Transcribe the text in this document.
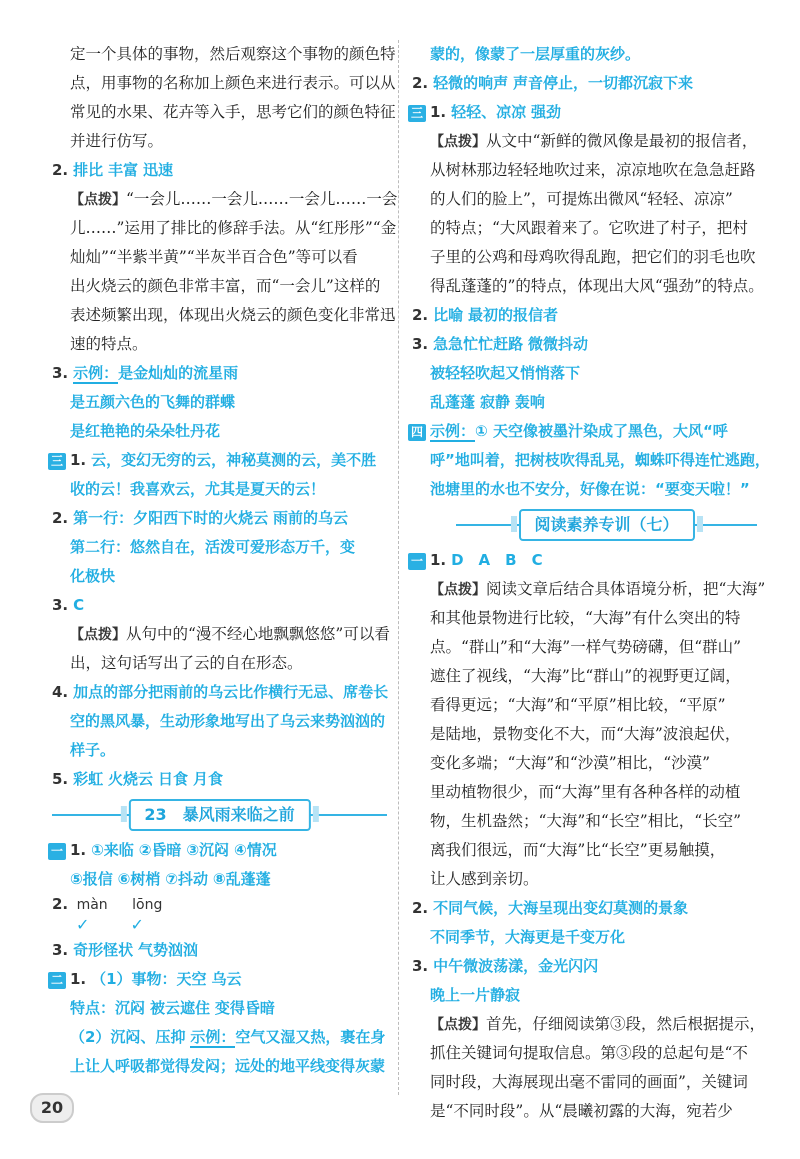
定一个具体的事物，然后观察这个事物的颜色特
点，用事物的名称加上颜色来进行表示。可以从
常见的水果、花卉等入手，思考它们的颜色特征
并进行仿写。
2. 排比 丰富 迅速
【点拨】“一会儿……一会儿……一会儿……一会
儿……”运用了排比的修辞手法。从“红彤彤”“金
灿灿”“半紫半黄”“半灰半百合色”等可以看
出火烧云的颜色非常丰富，而“一会儿”这样的
表述频繁出现，体现出火烧云的颜色变化非常迅
速的特点。
3. 示例：是金灿灿的流星雨
是五颜六色的飞舞的群蝶
是红艳艳的朵朵牡丹花
三 1. 云，变幻无穷的云，神秘莫测的云，美不胜
收的云！我喜欢云，尤其是夏天的云！
2. 第一行：夕阳西下时的火烧云 雨前的乌云
第二行：悠然自在，活泼可爱形态万千，变
化极快
3. C
【点拨】从句中的“漫不经心地飘飘悠悠”可以看
出，这句话写出了云的自在形态。
4. 加点的部分把雨前的乌云比作横行无忌、席卷长
空的黑风暴，生动形象地写出了乌云来势汹汹的
样子。
5. 彩虹 火烧云 日食 月食
23　暴风雨来临之前
一 1. ①来临 ②昏暗 ③沉闷 ④情况
⑤报信 ⑥树梢 ⑦抖动 ⑧乱蓬蓬
2. màn lōng
✓	✓
3. 奇形怪状 气势汹汹
二 1. （1）事物：天空 乌云
特点：沉闷 被云遮住 变得昏暗
（2）沉闷、压抑 示例：空气又湿又热，裹在身
上让人呼吸都觉得发闷；远处的地平线变得灰蒙
蒙的，像蒙了一层厚重的灰纱。
2. 轻微的响声 声音停止，一切都沉寂下来
三 1. 轻轻、凉凉 强劲
【点拨】从文中“新鲜的微风像是最初的报信者，
从树林那边轻轻地吹过来，凉凉地吹在急急赶路
的人们的脸上”，可提炼出微风“轻轻、凉凉”
的特点；“大风跟着来了。它吹进了村子，把村
子里的公鸡和母鸡吹得乱跑，把它们的羽毛也吹
得乱蓬蓬的”的特点，体现出大风“强劲”的特点。
2. 比喻 最初的报信者
3. 急急忙忙赶路 微微抖动
被轻轻吹起又悄悄落下
乱蓬蓬 寂静 轰响
四 示例：① 天空像被墨汁染成了黑色，大风“呼
呼”地叫着，把树枝吹得乱晃，蜘蛛吓得连忙逃跑，
池塘里的水也不安分，好像在说：“要变天啦！”
阅读素养专训（七）
一 1. D　A　B　C
【点拨】阅读文章后结合具体语境分析，把“大海”
和其他景物进行比较，“大海”有什么突出的特
点。“群山”和“大海”一样气势磅礴，但“群山”
遮住了视线，“大海”比“群山”的视野更辽阔，
看得更远；“大海”和“平原”相比较，“平原”
是陆地，景物变化不大，而“大海”波浪起伏，
变化多端；“大海”和“沙漠”相比，“沙漠”
里动植物很少，而“大海”里有各种各样的动植
物，生机盎然；“大海”和“长空”相比，“长空”
离我们很远，而“大海”比“长空”更易触摸，
让人感到亲切。
2. 不同气候，大海呈现出变幻莫测的景象
不同季节，大海更是千变万化
3. 中午微波荡漾，金光闪闪
晚上一片静寂
【点拨】首先，仔细阅读第③段，然后根据提示，
抓住关键词句提取信息。第③段的总起句是“不
同时段，大海展现出毫不雷同的画面”，关键词
是“不同时段”。从“晨曦初露的大海，宛若少
20
